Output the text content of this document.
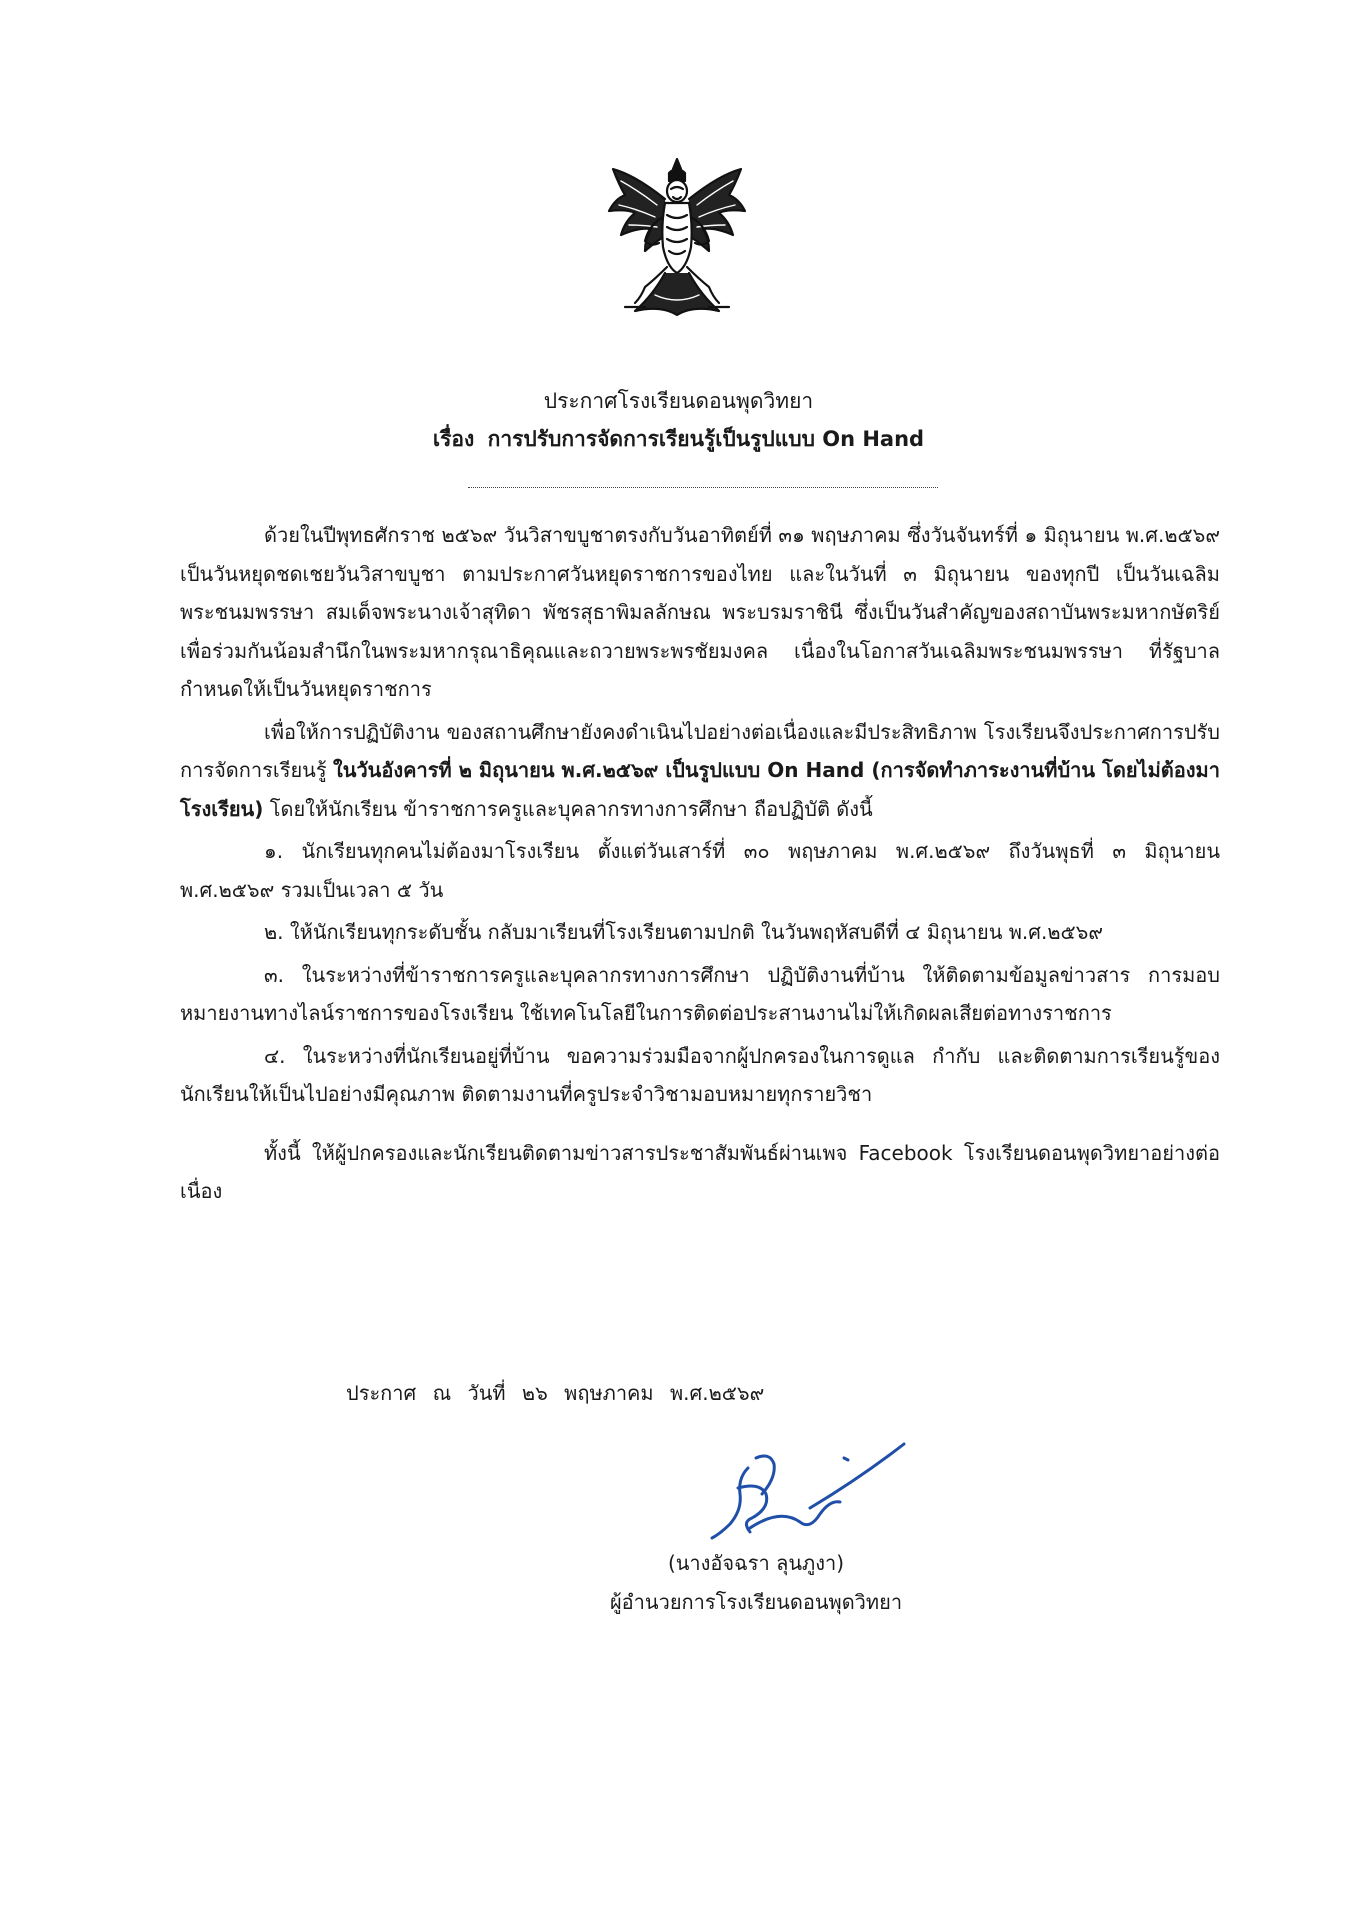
ประกาศโรงเรียนดอนพุดวิทยา
เรื่อง การปรับการจัดการเรียนรู้เป็นรูปแบบ On Hand

ด้วยในปีพุทธศักราช ๒๕๖๙ วันวิสาขบูชาตรงกับวันอาทิตย์ที่ ๓๑ พฤษภาคม ซึ่งวันจันทร์ที่ ๑ มิถุนายน พ.ศ.๒๕๖๙ เป็นวันหยุดชดเชยวันวิสาขบูชา ตามประกาศวันหยุดราชการของไทย และในวันที่ ๓ มิถุนายน ของทุกปี เป็นวันเฉลิมพระชนมพรรษา สมเด็จพระนางเจ้าสุทิดา พัชรสุธาพิมลลักษณ พระบรมราชินี ซึ่งเป็นวันสำคัญของสถาบันพระมหากษัตริย์ เพื่อร่วมกันน้อมสำนึกในพระมหากรุณาธิคุณและถวายพระพรชัยมงคล เนื่องในโอกาสวันเฉลิมพระชนมพรรษา ที่รัฐบาลกำหนดให้เป็นวันหยุดราชการ

เพื่อให้การปฏิบัติงาน ของสถานศึกษายังคงดำเนินไปอย่างต่อเนื่องและมีประสิทธิภาพ โรงเรียนจึงประกาศการปรับการจัดการเรียนรู้ ในวันอังคารที่ ๒ มิถุนายน พ.ศ.๒๕๖๙ เป็นรูปแบบ On Hand (การจัดทำภาระงานที่บ้าน โดยไม่ต้องมาโรงเรียน) โดยให้นักเรียน ข้าราชการครูและบุคลากรทางการศึกษา ถือปฏิบัติ ดังนี้

๑. นักเรียนทุกคนไม่ต้องมาโรงเรียน ตั้งแต่วันเสาร์ที่ ๓๐ พฤษภาคม พ.ศ.๒๕๖๙ ถึงวันพุธที่ ๓ มิถุนายน พ.ศ.๒๕๖๙ รวมเป็นเวลา ๕ วัน

๒. ให้นักเรียนทุกระดับชั้น กลับมาเรียนที่โรงเรียนตามปกติ ในวันพฤหัสบดีที่ ๔ มิถุนายน พ.ศ.๒๕๖๙

๓. ในระหว่างที่ข้าราชการครูและบุคลากรทางการศึกษา ปฏิบัติงานที่บ้าน ให้ติดตามข้อมูลข่าวสาร การมอบหมายงานทางไลน์ราชการของโรงเรียน ใช้เทคโนโลยีในการติดต่อประสานงานไม่ให้เกิดผลเสียต่อทางราชการ

๔. ในระหว่างที่นักเรียนอยู่ที่บ้าน ขอความร่วมมือจากผู้ปกครองในการดูแล กำกับ และติดตามการเรียนรู้ของนักเรียนให้เป็นไปอย่างมีคุณภาพ ติดตามงานที่ครูประจำวิชามอบหมายทุกรายวิชา

ทั้งนี้ ให้ผู้ปกครองและนักเรียนติดตามข่าวสารประชาสัมพันธ์ผ่านเพจ Facebook โรงเรียนดอนพุดวิทยาอย่างต่อเนื่อง

ประกาศ ณ วันที่ ๒๖ พฤษภาคม พ.ศ.๒๕๖๙
(นางอัจฉรา ลุนภูงา)
ผู้อำนวยการโรงเรียนดอนพุดวิทยา
